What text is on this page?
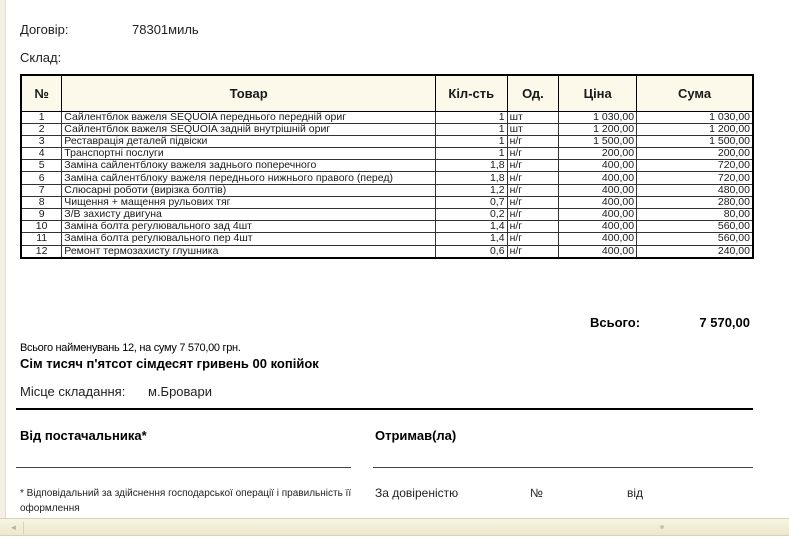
Договір:	78301миль
Склад:
№	Товар	Кіл-сть	Од.	Ціна	Сума
1	Сайлентблок важеля SEQUOIA переднього передній ориг	1	шт	1 030,00	1 030,00
2	Сайлентблок важеля SEQUOIA задній внутрішній ориг	1	шт	1 200,00	1 200,00
3	Реставрація деталей підвіски	1	н/г	1 500,00	1 500,00
4	Транспортні послуги	1	н/г	200,00	200,00
5	Заміна сайлентблоку важеля заднього поперечного	1,8	н/г	400,00	720,00
6	Заміна сайлентблоку важеля переднього нижнього правого (перед)	1,8	н/г	400,00	720,00
7	Слюсарні роботи (вирізка болтів)	1,2	н/г	400,00	480,00
8	Чищення + мащення рульових тяг	0,7	н/г	400,00	280,00
9	З/В захисту двигуна	0,2	н/г	400,00	80,00
10	Заміна болта регулювального зад 4шт	1,4	н/г	400,00	560,00
11	Заміна болта регулювального пер 4шт	1,4	н/г	400,00	560,00
12	Ремонт термозахисту глушника	0,6	н/г	400,00	240,00
Всього:	7 570,00
Всього найменувань 12, на суму 7 570,00 грн.
Сім тисяч п'ятсот сімдесят гривень 00 копійок
Місце складання: м.Бровари
Від постачальника*	Отримав(ла)
* Відповідальний за здійснення господарської операції і правильність її оформлення
За довіреністю	№	від
◄
